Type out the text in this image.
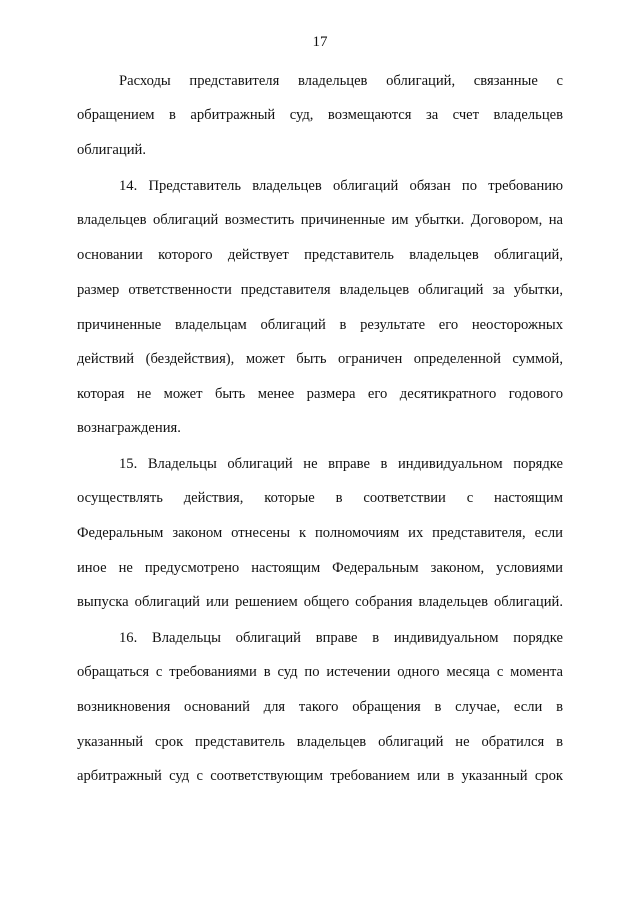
17
Расходы представителя владельцев облигаций, связанные с
обращением в арбитражный суд, возмещаются за счет владельцев
облигаций.
14. Представитель владельцев облигаций обязан по требованию
владельцев облигаций возместить причиненные им убытки. Договором, на
основании которого действует представитель владельцев облигаций,
размер ответственности представителя владельцев облигаций за убытки,
причиненные владельцам облигаций в результате его неосторожных
действий (бездействия), может быть ограничен определенной суммой,
которая не может быть менее размера его десятикратного годового
вознаграждения.
15. Владельцы облигаций не вправе в индивидуальном порядке
осуществлять действия, которые в соответствии с настоящим
Федеральным законом отнесены к полномочиям их представителя, если
иное не предусмотрено настоящим Федеральным законом, условиями
выпуска облигаций или решением общего собрания владельцев облигаций.
16. Владельцы облигаций вправе в индивидуальном порядке
обращаться с требованиями в суд по истечении одного месяца с момента
возникновения оснований для такого обращения в случае, если в
указанный срок представитель владельцев облигаций не обратился в
арбитражный суд с соответствующим требованием или в указанный срок
